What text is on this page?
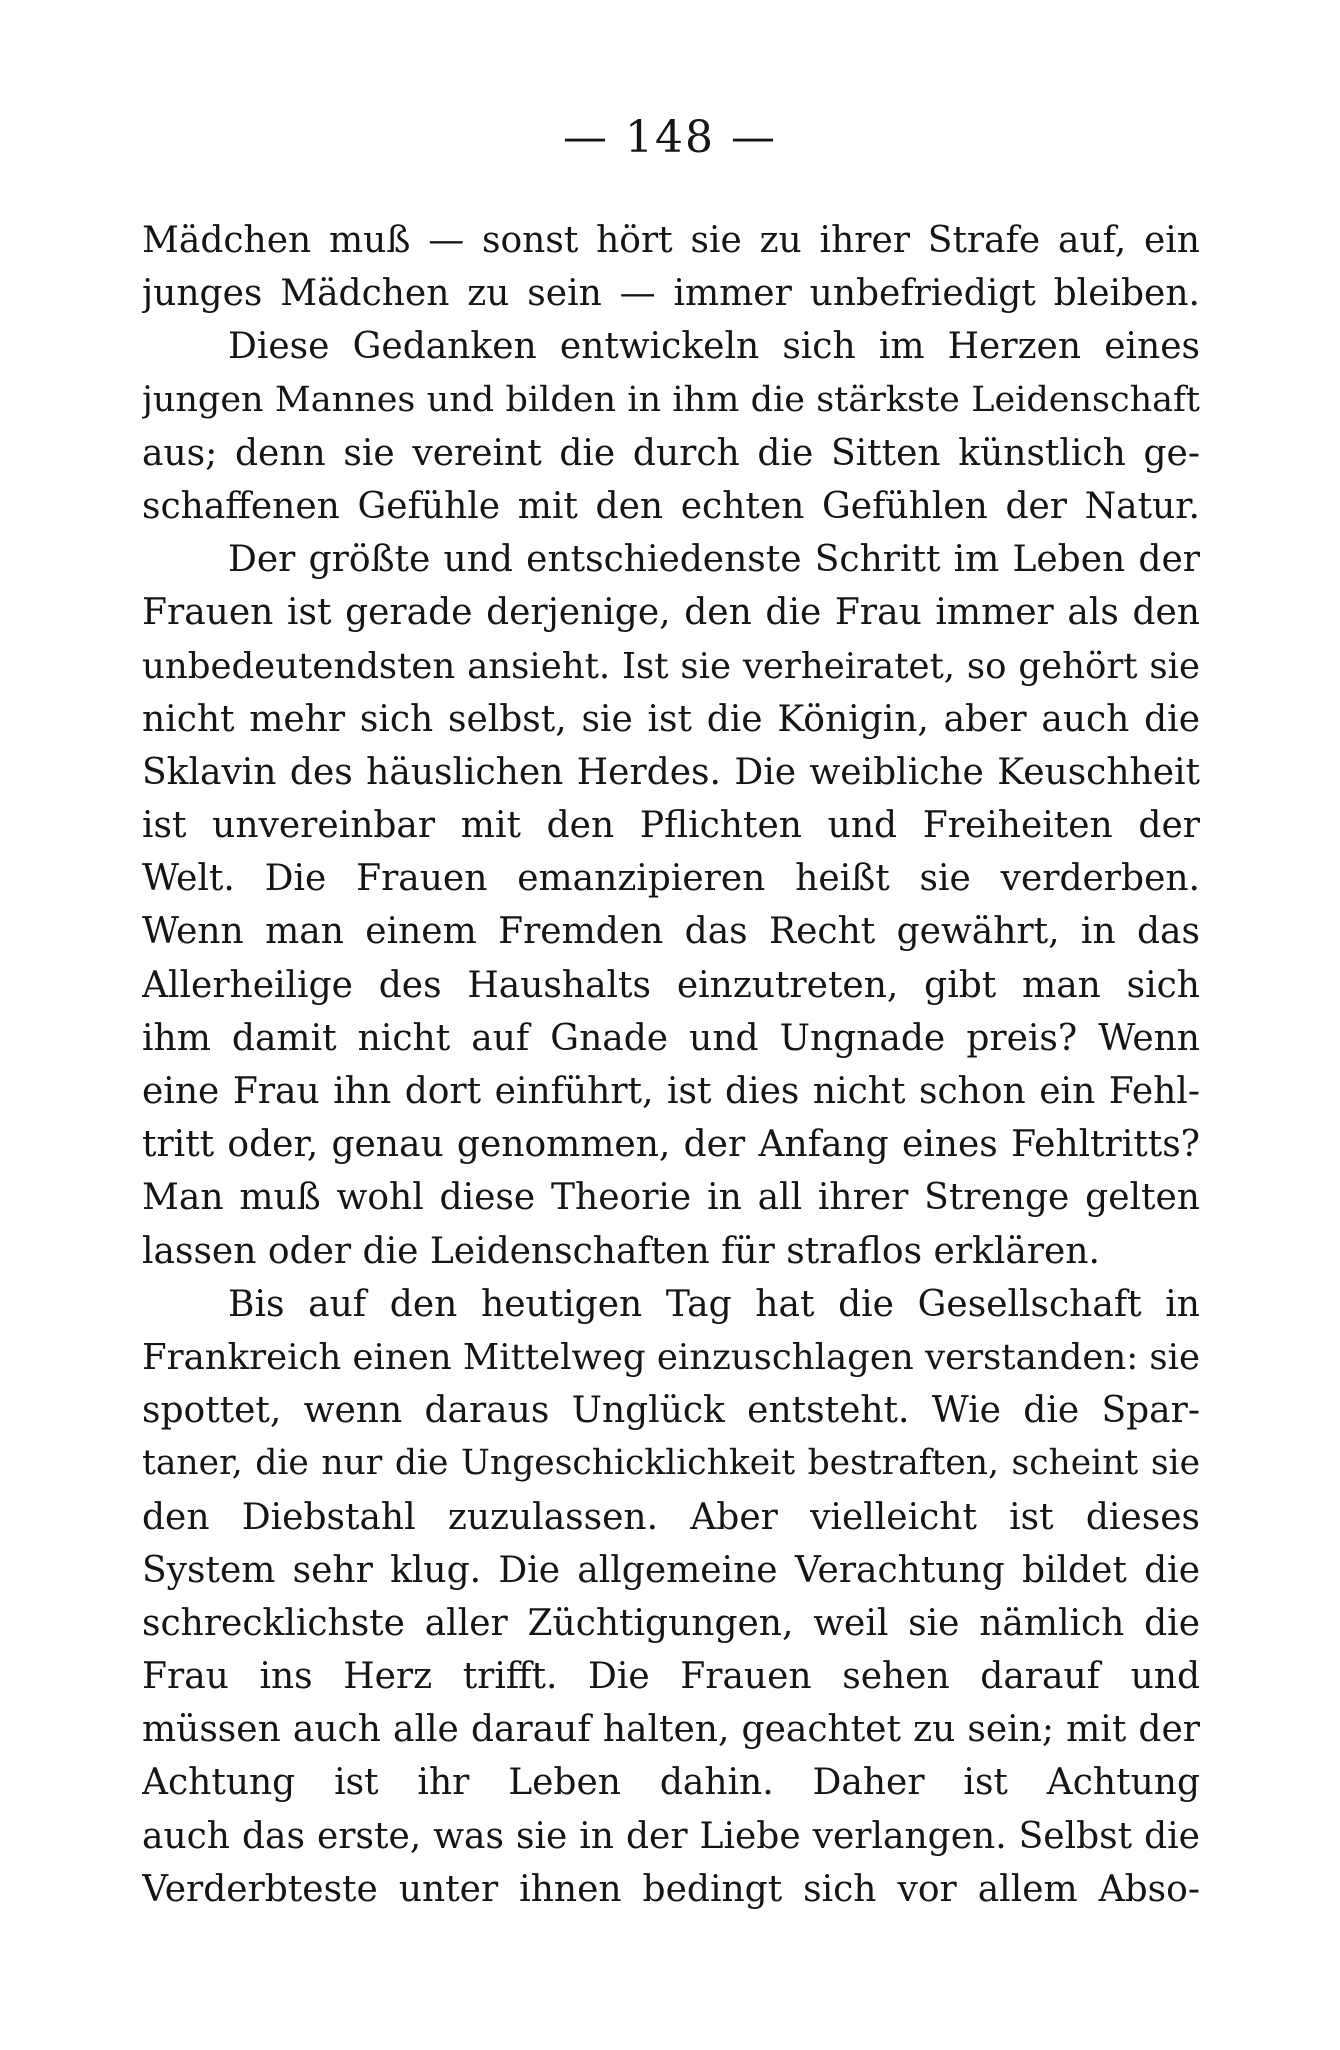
— 148 —
Mädchen muß — sonst hört sie zu ihrer Strafe auf, ein
junges Mädchen zu sein — immer unbefriedigt bleiben.
Diese Gedanken entwickeln sich im Herzen eines
jungen Mannes und bilden in ihm die stärkste Leidenschaft
aus; denn sie vereint die durch die Sitten künstlich ge-
schaffenen Gefühle mit den echten Gefühlen der Natur.
Der größte und entschiedenste Schritt im Leben der
Frauen ist gerade derjenige, den die Frau immer als den
unbedeutendsten ansieht. Ist sie verheiratet, so gehört sie
nicht mehr sich selbst, sie ist die Königin, aber auch die
Sklavin des häuslichen Herdes. Die weibliche Keuschheit
ist unvereinbar mit den Pflichten und Freiheiten der
Welt. Die Frauen emanzipieren heißt sie verderben.
Wenn man einem Fremden das Recht gewährt, in das
Allerheilige des Haushalts einzutreten, gibt man sich
ihm damit nicht auf Gnade und Ungnade preis? Wenn
eine Frau ihn dort einführt, ist dies nicht schon ein Fehl-
tritt oder, genau genommen, der Anfang eines Fehltritts?
Man muß wohl diese Theorie in all ihrer Strenge gelten
lassen oder die Leidenschaften für straflos erklären.
Bis auf den heutigen Tag hat die Gesellschaft in
Frankreich einen Mittelweg einzuschlagen verstanden: sie
spottet, wenn daraus Unglück entsteht. Wie die Spar-
taner, die nur die Ungeschicklichkeit bestraften, scheint sie
den Diebstahl zuzulassen. Aber vielleicht ist dieses
System sehr klug. Die allgemeine Verachtung bildet die
schrecklichste aller Züchtigungen, weil sie nämlich die
Frau ins Herz trifft. Die Frauen sehen darauf und
müssen auch alle darauf halten, geachtet zu sein; mit der
Achtung ist ihr Leben dahin. Daher ist Achtung
auch das erste, was sie in der Liebe verlangen. Selbst die
Verderbteste unter ihnen bedingt sich vor allem Abso-
